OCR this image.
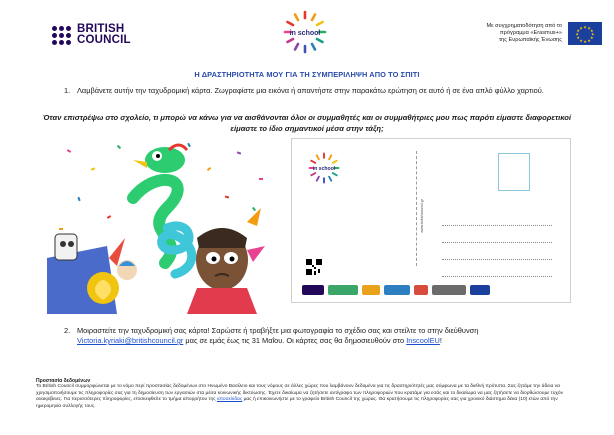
BRITISH
COUNCIL
in school
Με συγχρηματοδότηση από το
πρόγραμμα «Erasmus+»
της Ευρωπαϊκής Ένωσης
★ ★
★
★
★
★
★
★
★
★
★
★
Η ΔΡΑΣΤΗΡΙΟΤΗΤΑ ΜΟΥ ΓΙΑ ΤΗ ΣΥΜΠΕΡΙΛΗΨΗ ΑΠΟ ΤΟ ΣΠΙΤΙ
1. Λαμβάνετε αυτήν την ταχυδρομική κάρτα. Ζωγραφίστε μια εικόνα ή απαντήστε στην παρακάτω ερώτηση σε αυτό ή σε ένα απλό φύλλο χαρτιού.
Όταν επιστρέψω στο σχολείο, τι μπορώ να κάνω για να αισθάνονται όλοι οι συμμαθητές και οι συμμαθήτριες μου πως παρότι είμαστε διαφορετικοί είμαστε το ίδιο σημαντικοί μέσα στην τάξη;
in school
www.britishcouncil.gr
2. Μοιραστείτε την ταχυδρομική σας κάρτα! Σαρώστε ή τραβήξτε μια φωτογραφία το σχέδιο σας και στείλτε το στην διεύθυνση
Victoria.kyriaki@britishcouncil.gr μας σε εμάς έως τις 31 Μαΐου. Οι κάρτες σας θα δημοσιευθούν στο InscoolEU!
Προστασία δεδομένων
Το British Council συμμορφώνεται με το νόμο περί προστασίας δεδομένων στο Ηνωμένο Βασίλειο και τους νόμους σε άλλες χώρες που λαμβάνουν δεδομένα για τις δραστηριότητές μας σύμφωνα με τα διεθνή πρότυπα. Σας ζητάμε την άδεια να χρησιμοποιήσουμε τις πληροφορίες σας για τη δημοσίευση των εργασιών στα μέσα κοινωνικής δικτύωσης. Έχετε δικαίωμα να ζητήσετε αντίγραφο των πληροφοριών που κρατάμε για εσάς και το δικαίωμα να μας ζητήσετε να διορθώσουμε τυχόν ανακρίβειες. Για περισσότερες πληροφορίες, επισκεφθείτε το τμήμα απορρήτου της ιστοσελίδας μας ή επικοινωνήστε με το γραφείο British Council της χώρας. Θα κρατήσουμε τις πληροφορίες σας για χρονικό διάστημα δέκα (10) ετών από την ημερομηνία συλλογής τους.
